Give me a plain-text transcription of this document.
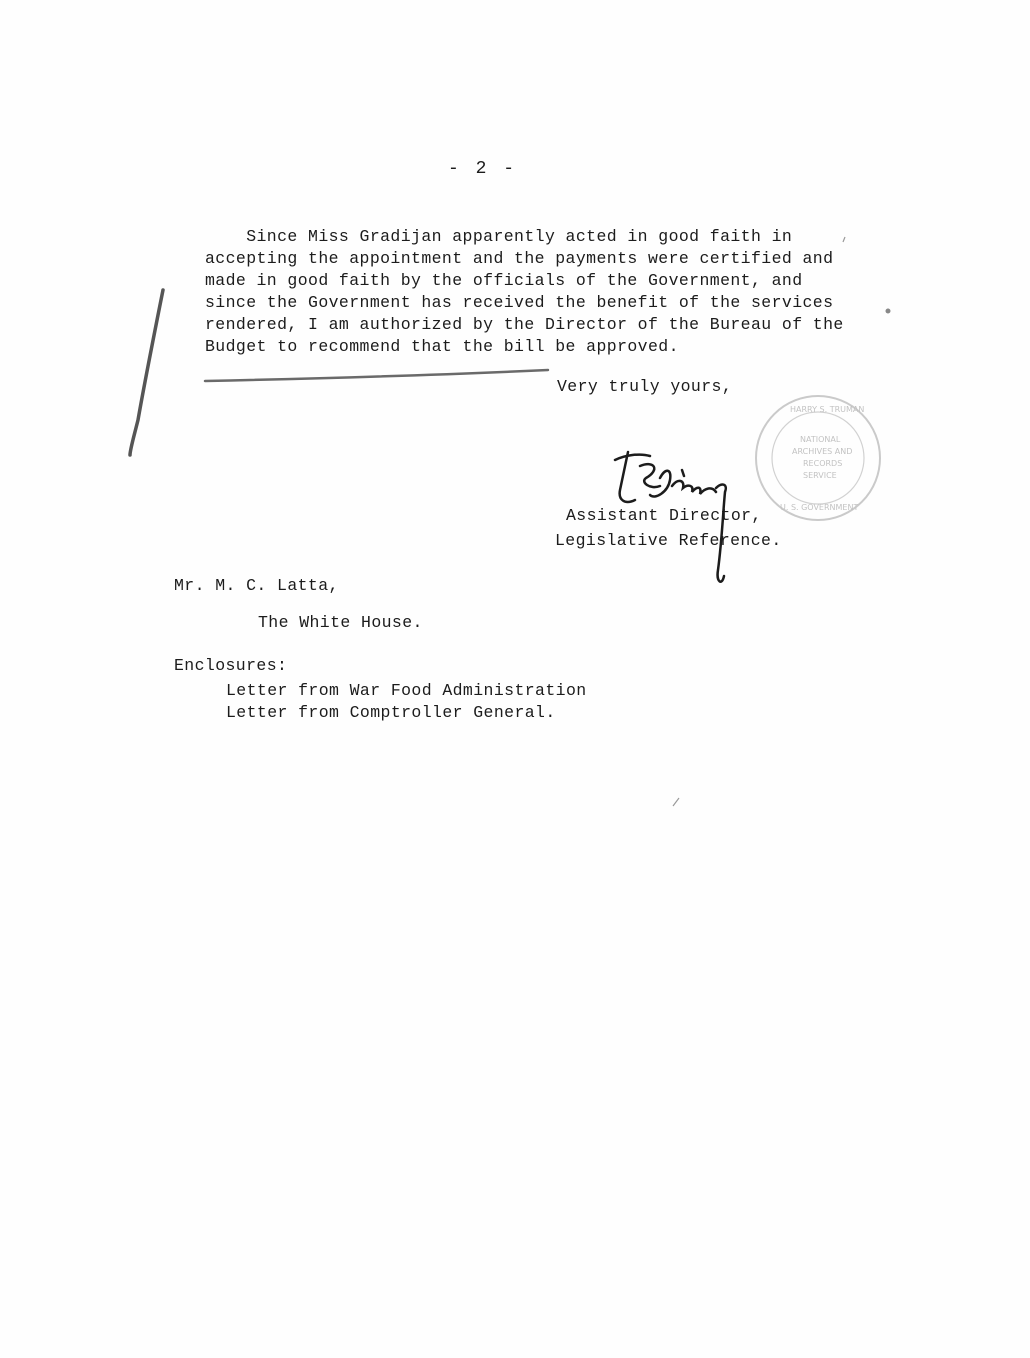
- 2 -
Since Miss Gradijan apparently acted in good faith in
accepting the appointment and the payments were certified and
made in good faith by the officials of the Government, and
since the Government has received the benefit of the services
rendered, I am authorized by the Director of the Bureau of the
Budget to recommend that the bill be approved.
Very truly yours,
Assistant Director,
Legislative Reference.
Mr. M. C. Latta,
The White House.
Enclosures:
Letter from War Food Administration
Letter from Comptroller General.
HARRY S. TRUMAN
NATIONAL
ARCHIVES AND
RECORDS
SERVICE
U. S. GOVERNMENT
